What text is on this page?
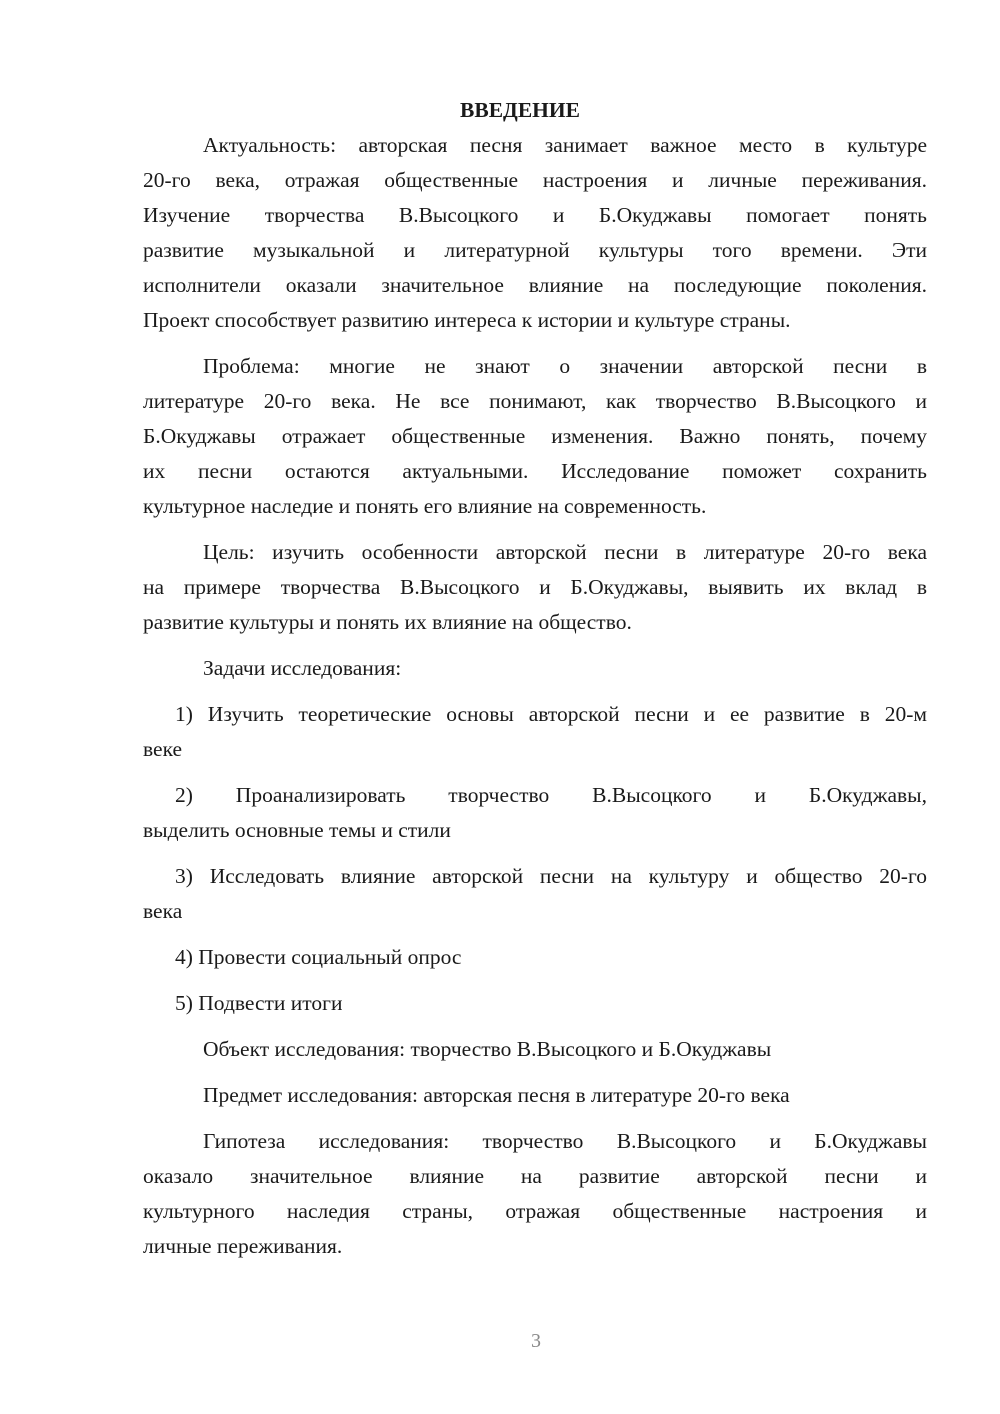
ВВЕДЕНИЕ
Актуальность: авторская песня занимает важное место в культуре
20-го века, отражая общественные настроения и личные переживания.
Изучение творчества В.Высоцкого и Б.Окуджавы помогает понять
развитие музыкальной и литературной культуры того времени. Эти
исполнители оказали значительное влияние на последующие поколения.
Проект способствует развитию интереса к истории и культуре страны.
Проблема: многие не знают о значении авторской песни в
литературе 20-го века. Не все понимают, как творчество В.Высоцкого и
Б.Окуджавы отражает общественные изменения. Важно понять, почему
их песни остаются актуальными. Исследование поможет сохранить
культурное наследие и понять его влияние на современность.
Цель: изучить особенности авторской песни в литературе 20-го века
на примере творчества В.Высоцкого и Б.Окуджавы, выявить их вклад в
развитие культуры и понять их влияние на общество.
Задачи исследования:
1) Изучить теоретические основы авторской песни и ее развитие в 20-м
веке
2) Проанализировать творчество В.Высоцкого и Б.Окуджавы,
выделить основные темы и стили
3) Исследовать влияние авторской песни на культуру и общество 20-го
века
4) Провести социальный опрос
5) Подвести итоги
Объект исследования: творчество В.Высоцкого и Б.Окуджавы
Предмет исследования: авторская песня в литературе 20-го века
Гипотеза исследования: творчество В.Высоцкого и Б.Окуджавы
оказало значительное влияние на развитие авторской песни и
культурного наследия страны, отражая общественные настроения и
личные переживания.
3
